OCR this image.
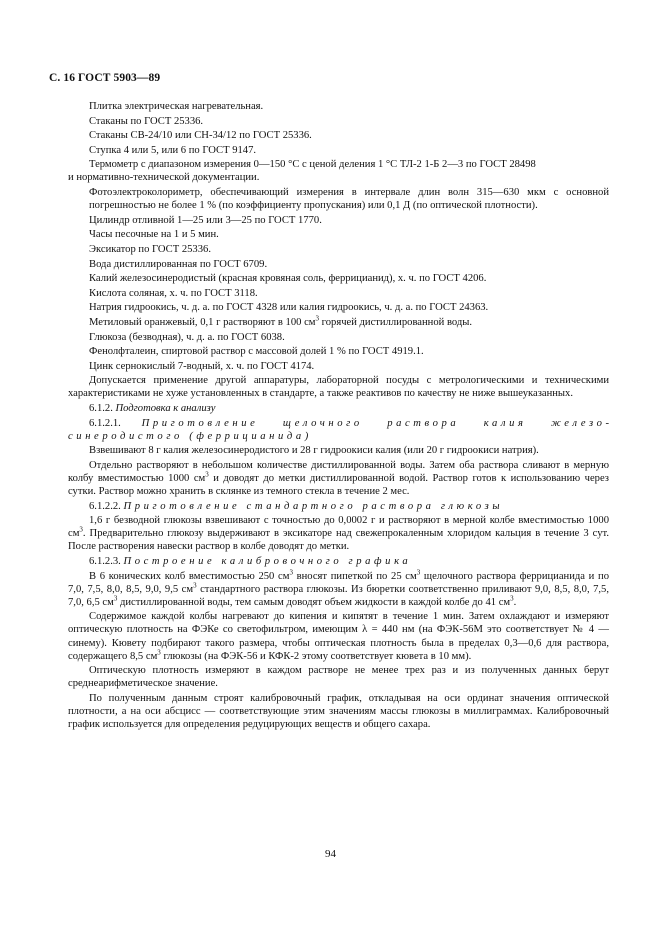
С. 16 ГОСТ 5903—89

Плитка электрическая нагревательная.

Стаканы по ГОСТ 25336.

Стаканы СВ-24/10 или СН-34/12 по ГОСТ 25336.

Ступка 4 или 5, или 6 по ГОСТ 9147.

Термометр с диапазоном измерения 0—150 °С с ценой деления 1 °С ТЛ-2 1-Б 2—3 по ГОСТ 28498
и нормативно-технической документации.

Фотоэлектроколориметр, обеспечивающий измерения в интервале длин волн 315—630 мкм с основной погрешностью не более 1 % (по коэффициенту пропускания) или 0,1 Д (по оптической плотности).

Цилиндр отливной 1—25 или 3—25 по ГОСТ 1770.

Часы песочные на 1 и 5 мин.

Эксикатор по ГОСТ 25336.

Вода дистиллированная по ГОСТ 6709.

Калий железосинеродистый (красная кровяная соль, феррицианид), х. ч. по ГОСТ 4206.

Кислота соляная, х. ч. по ГОСТ 3118.

Натрия гидроокись, ч. д. а. по ГОСТ 4328 или калия гидроокись, ч. д. а. по ГОСТ 24363.

Метиловый оранжевый, 0,1 г растворяют в 100 $см^3$ горячей дистиллированной воды.

Глюкоза (безводная), ч. д. а. по ГОСТ 6038.

Фенолфталеин, спиртовой раствор с массовой долей 1 % по ГОСТ 4919.1.

Цинк сернокислый 7-водный, х. ч. по ГОСТ 4174.

Допускается применение другой аппаратуры, лабораторной посуды с метрологическими и техническими характеристиками не хуже установленных в стандарте, а также реактивов по качеству не ниже вышеуказанных.

6.1.2. Подготовка к анализу

6.1.2.1. Приготовление щелочного раствора калия железосинеродистого (феррицианида)

Взвешивают 8 г калия железосинеродистого и 28 г гидроокиси калия (или 20 г гидроокиси натрия).

Отдельно растворяют в небольшом количестве дистиллированной воды. Затем оба раствора сливают в мерную колбу вместимостью 1000 $см^3$ и доводят до метки дистиллированной водой. Раствор готов к использованию через сутки. Раствор можно хранить в склянке из темного стекла в течение 2 мес.

6.1.2.2. Приготовление стандартного раствора глюкозы

1,6 г безводной глюкозы взвешивают с точностью до 0,0002 г и растворяют в мерной колбе вместимостью 1000 $см^3$. Предварительно глюкозу выдерживают в эксикаторе над свежепрокаленным хлоридом кальция в течение 3 сут. После растворения навески раствор в колбе доводят до метки.

6.1.2.3. Построение калибровочного графика

В 6 конических колб вместимостью 250 $см^3$ вносят пипеткой по 25 $см^3$ щелочного раствора феррицианида и по 7,0, 7,5, 8,0, 8,5, 9,0, 9,5 $см^3$ стандартного раствора глюкозы. Из бюретки соответственно приливают 9,0, 8,5, 8,0, 7,5, 7,0, 6,5 $см^3$ дистиллированной воды, тем самым доводят объем жидкости в каждой колбе до 41 $см^3$.

Содержимое каждой колбы нагревают до кипения и кипятят в течение 1 мин. Затем охлаждают и измеряют оптическую плотность на ФЭКе со светофильтром, имеющим λ = 440 нм (на ФЭК-56М это соответствует № 4 — синему). Кювету подбирают такого размера, чтобы оптическая плотность была в пределах 0,3—0,6 для раствора, содержащего 8,5 $см^3$ глюкозы (на ФЭК-56 и КФК-2 этому соответствует кювета в 10 мм).

Оптическую плотность измеряют в каждом растворе не менее трех раз и из полученных данных берут среднеарифметическое значение.

По полученным данным строят калибровочный график, откладывая на оси ординат значения оптической плотности, а на оси абсцисс — соответствующие этим значениям массы глюкозы в миллиграммах. Калибровочный график используется для определения редуцирующих веществ и общего сахара.

94
